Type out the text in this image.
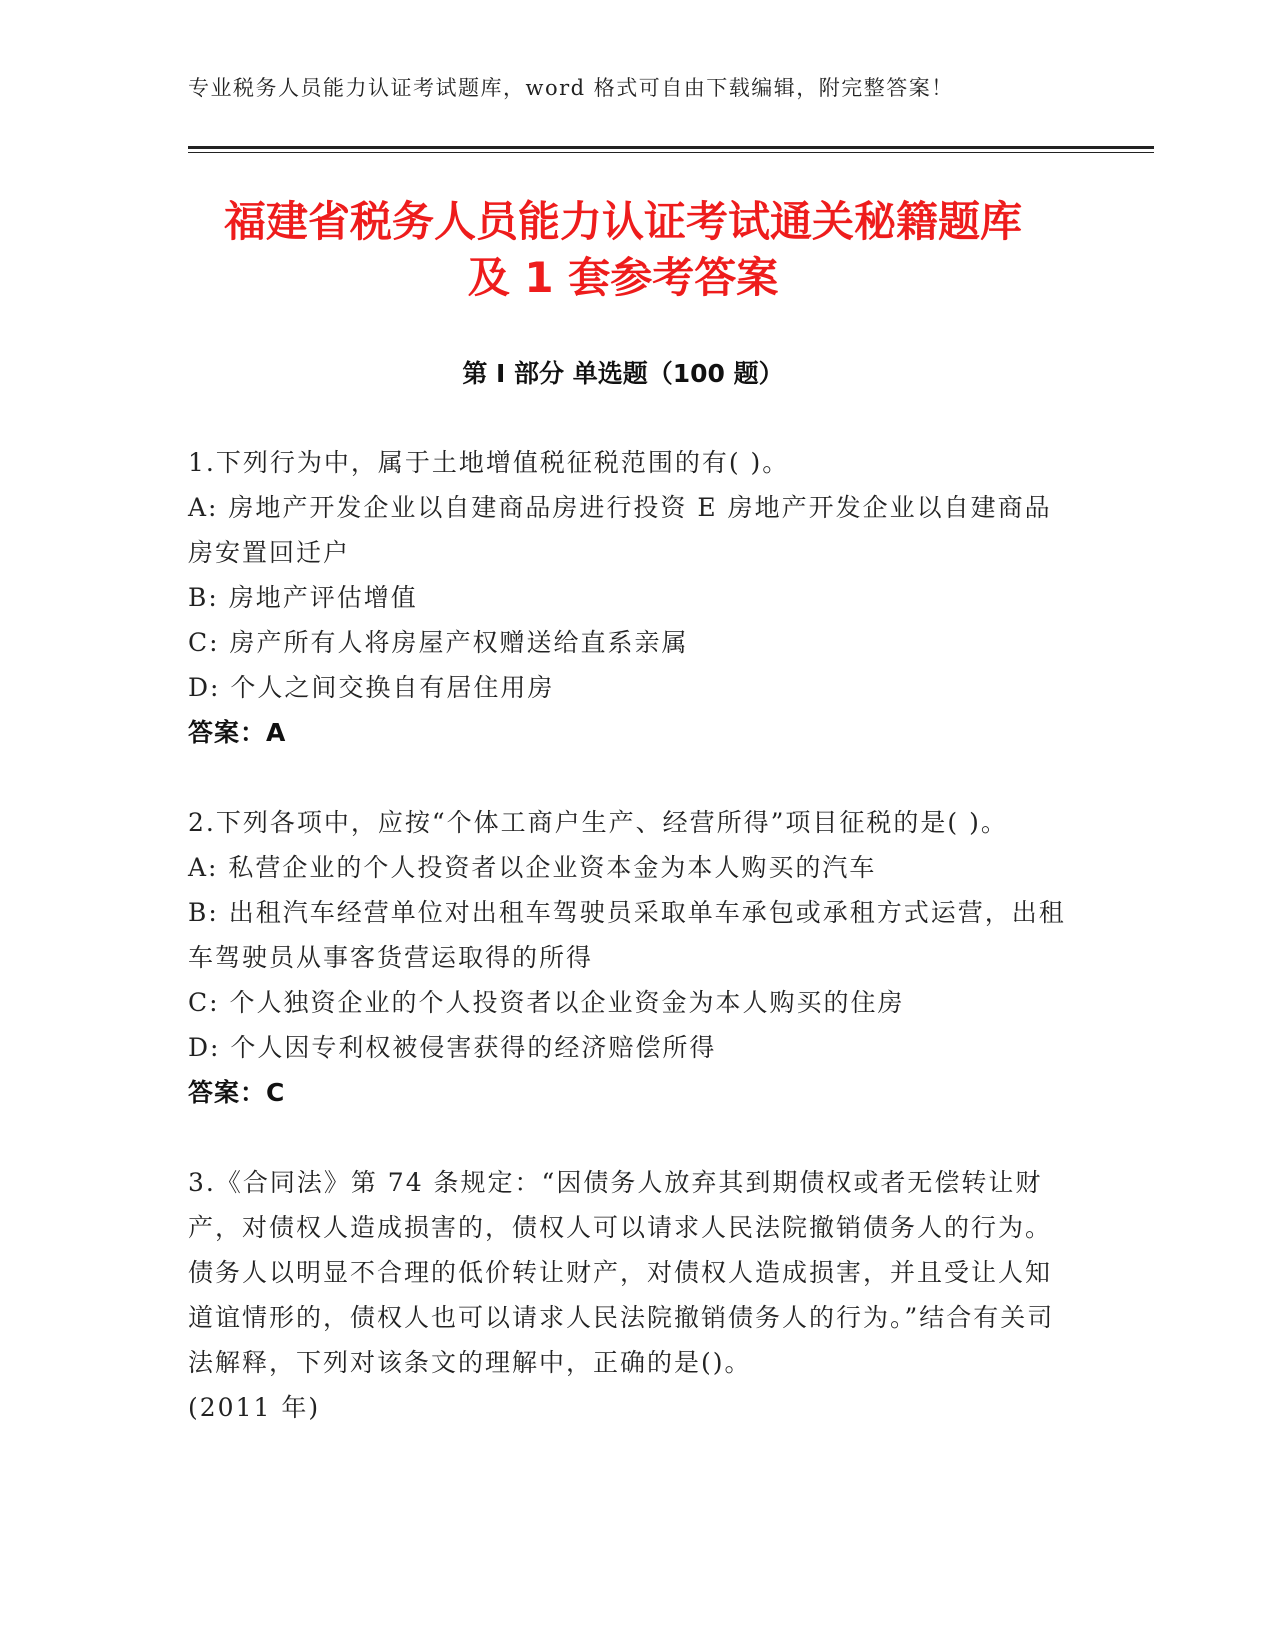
专业税务人员能力认证考试题库，word 格式可自由下载编辑，附完整答案！
福建省税务人员能力认证考试通关秘籍题库
及 1 套参考答案
第 I 部分 单选题（100 题）

1.下列行为中，属于土地增值税征税范围的有( )。

A: 房地产开发企业以自建商品房进行投资 E 房地产开发企业以自建商品房安置回迁户

B: 房地产评估增值

C: 房产所有人将房屋产权赠送给直系亲属

D: 个人之间交换自有居住用房

答案：A

2.下列各项中，应按“个体工商户生产、经营所得”项目征税的是( )。

A: 私营企业的个人投资者以企业资本金为本人购买的汽车

B: 出租汽车经营单位对出租车驾驶员采取单车承包或承租方式运营，出租车驾驶员从事客货营运取得的所得

C: 个人独资企业的个人投资者以企业资金为本人购买的住房

D: 个人因专利权被侵害获得的经济赔偿所得

答案：C

3.《合同法》第 74 条规定：“因债务人放弃其到期债权或者无偿转让财产，对债权人造成损害的，债权人可以请求人民法院撤销债务人的行为。债务人以明显不合理的低价转让财产，对债权人造成损害，并且受让人知道谊情形的，债权人也可以请求人民法院撤销债务人的行为。”结合有关司法解释，下列对该条文的理解中，正确的是()。

(2011 年)
